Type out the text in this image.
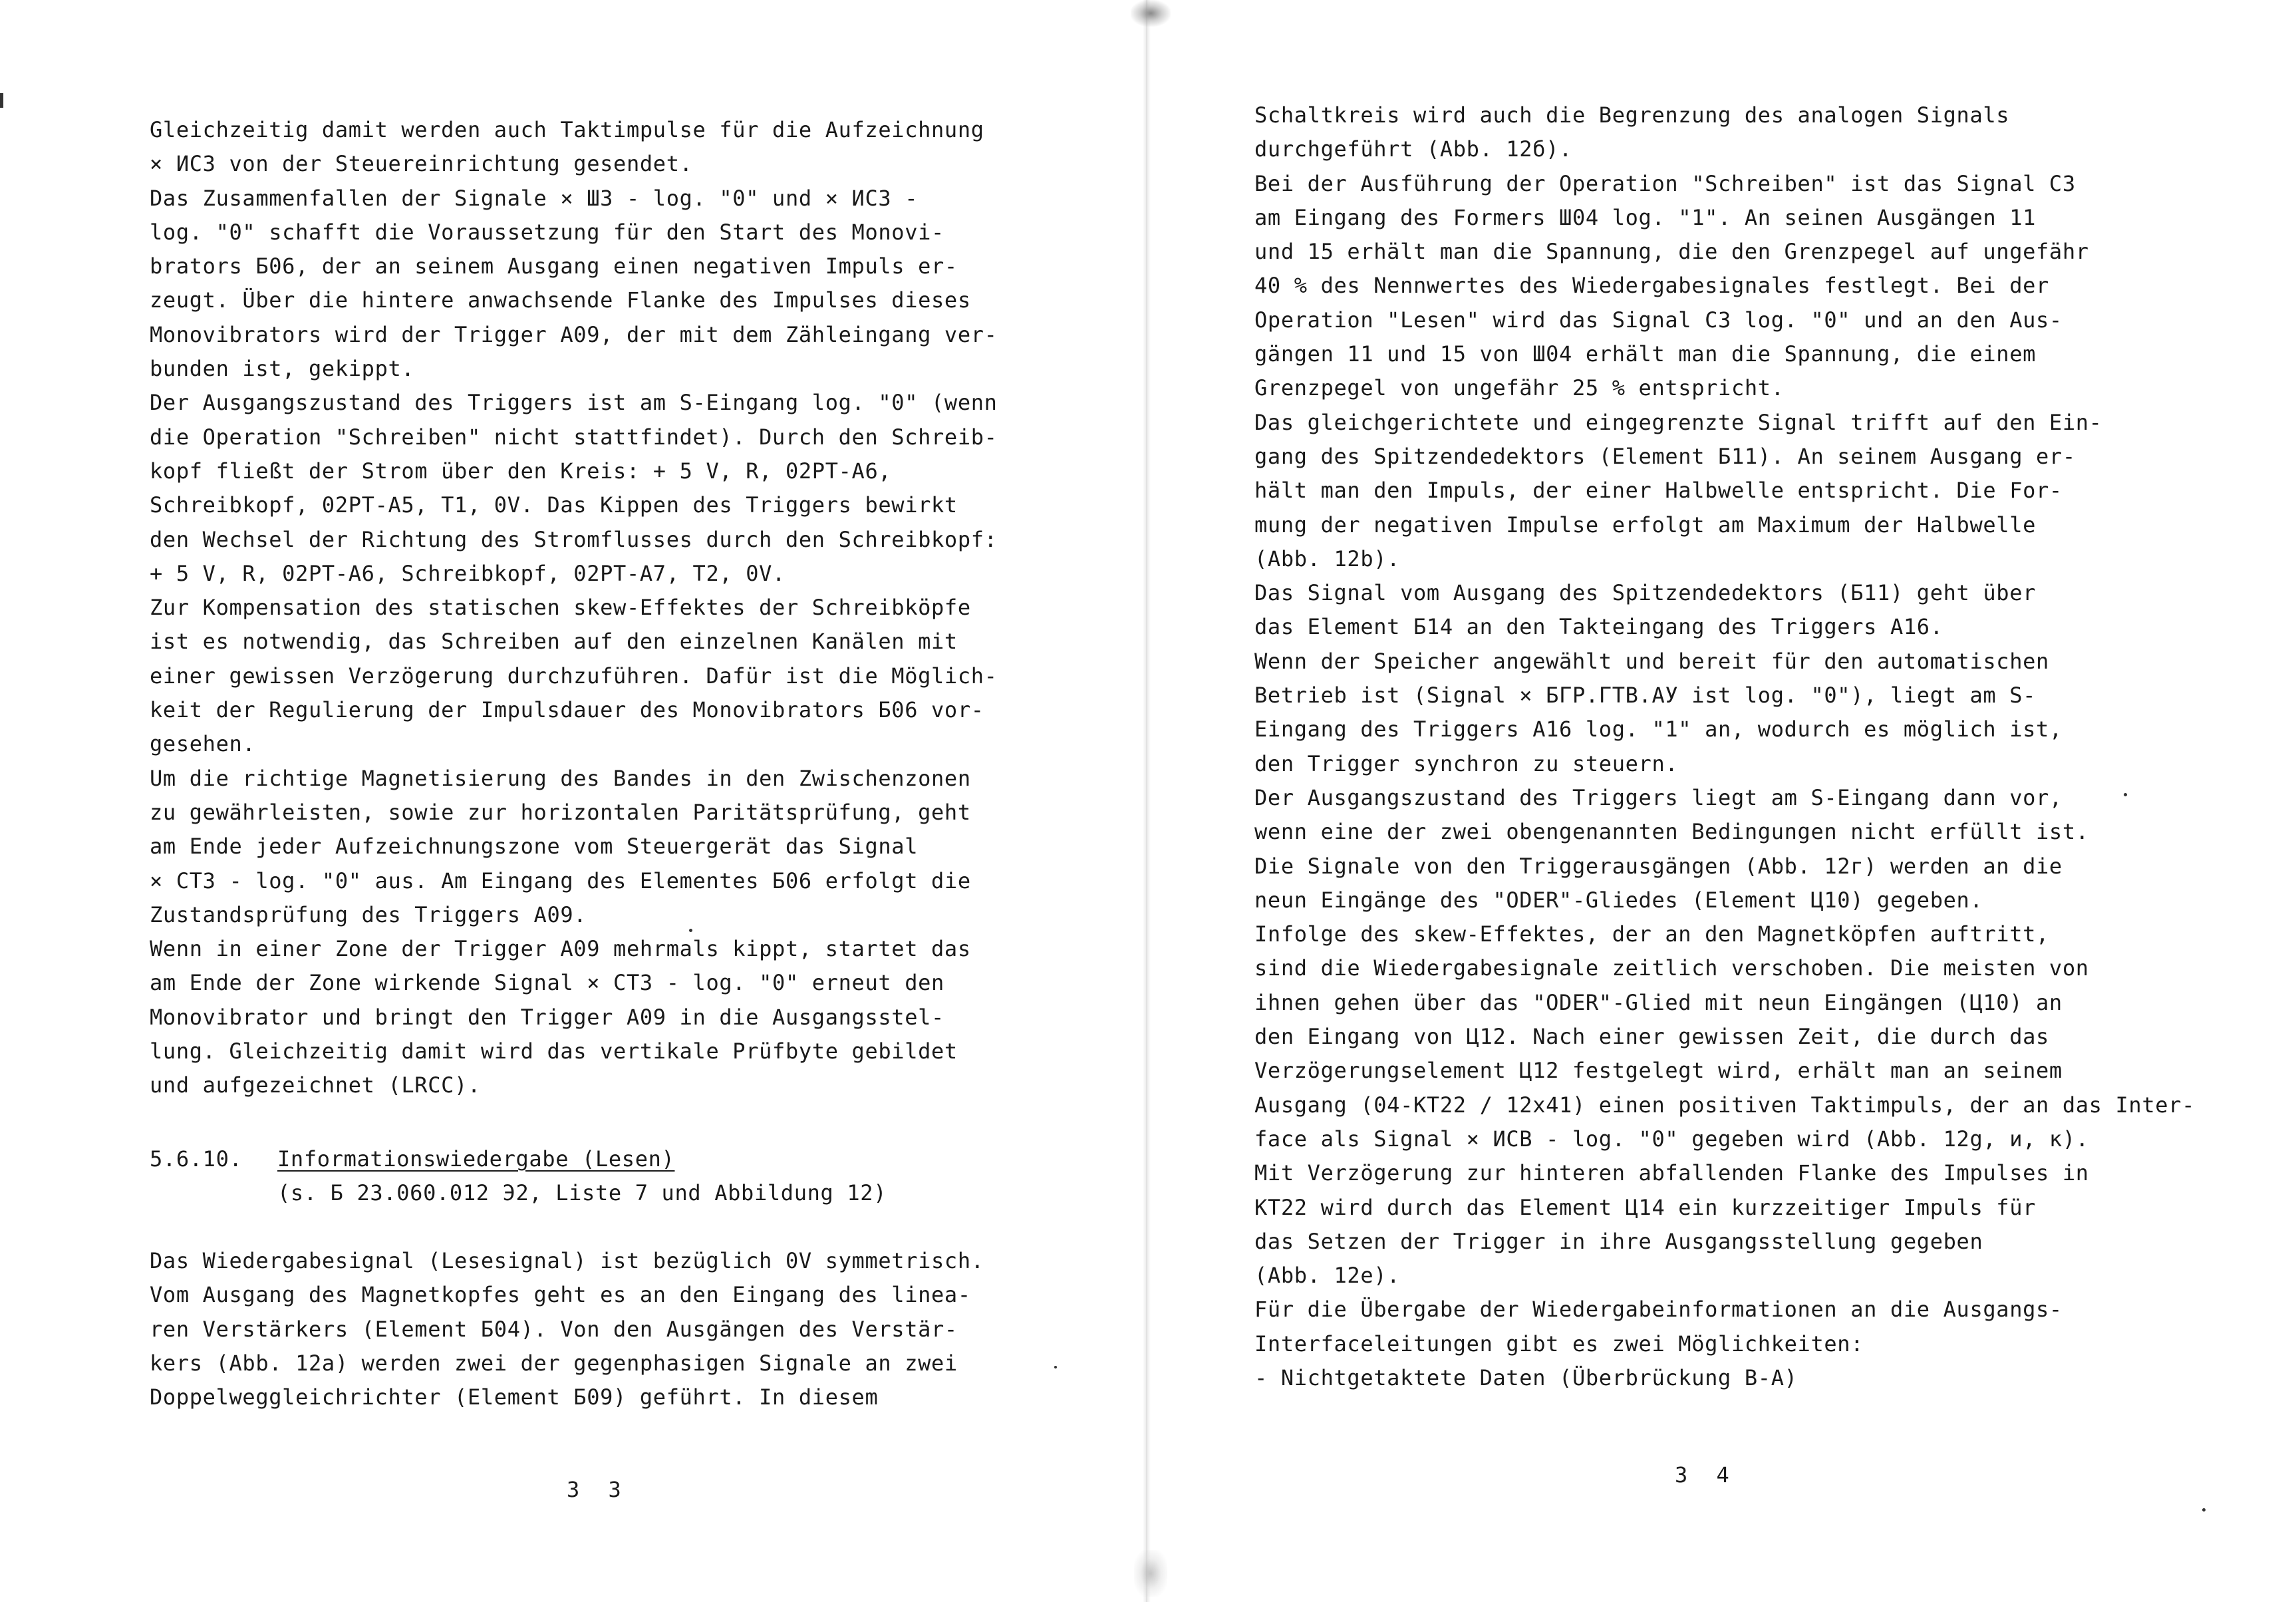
Gleichzeitig damit werden auch Taktimpulse für die Aufzeichnung
× ИС3 von der Steuereinrichtung gesendet.
Das Zusammenfallen der Signale × Ш3 - log. "0" und × ИС3 -
log. "0" schafft die Voraussetzung für den Start des Monovi-
brators Б06, der an seinem Ausgang einen negativen Impuls er-
zeugt. Über die hintere anwachsende Flanke des Impulses dieses
Monovibrators wird der Trigger A09, der mit dem Zähleingang ver-
bunden ist, gekippt.
Der Ausgangszustand des Triggers ist am S-Eingang log. "0" (wenn
die Operation "Schreiben" nicht stattfindet). Durch den Schreib-
kopf fließt der Strom über den Kreis: + 5 V, R, 02PT-A6,
Schreibkopf, 02PT-A5, T1, 0V. Das Kippen des Triggers bewirkt
den Wechsel der Richtung des Stromflusses durch den Schreibkopf:
+ 5 V, R, 02PT-A6, Schreibkopf, 02PT-A7, T2, 0V.
Zur Kompensation des statischen skew-Effektes der Schreibköpfe
ist es notwendig, das Schreiben auf den einzelnen Kanälen mit
einer gewissen Verzögerung durchzuführen. Dafür ist die Möglich-
keit der Regulierung der Impulsdauer des Monovibrators Б06 vor-
gesehen.
Um die richtige Magnetisierung des Bandes in den Zwischenzonen
zu gewährleisten, sowie zur horizontalen Paritätsprüfung, geht
am Ende jeder Aufzeichnungszone vom Steuergerät das Signal
× CT3 - log. "0" aus. Am Eingang des Elementes Б06 erfolgt die
Zustandsprüfung des Triggers A09.
Wenn in einer Zone der Trigger A09 mehrmals kippt, startet das
am Ende der Zone wirkende Signal × CT3 - log. "0" erneut den
Monovibrator und bringt den Trigger A09 in die Ausgangsstel-
lung. Gleichzeitig damit wird das vertikale Prüfbyte gebildet
und aufgezeichnet (LRCC).

5.6.10. Informationswiedergabe (Lesen)
(s. Б 23.060.012 Э2, Liste 7 und Abbildung 12)

Das Wiedergabesignal (Lesesignal) ist bezüglich 0V symmetrisch.
Vom Ausgang des Magnetkopfes geht es an den Eingang des linea-
ren Verstärkers (Element Б04). Von den Ausgängen des Verstär-
kers (Abb. 12a) werden zwei der gegenphasigen Signale an zwei
Doppelweggleichrichter (Element Б09) geführt. In diesem

3 3

Schaltkreis wird auch die Begrenzung des analogen Signals
durchgeführt (Abb. 12б).
Bei der Ausführung der Operation "Schreiben" ist das Signal C3
am Eingang des Formers Ш04 log. "1". An seinen Ausgängen 11
und 15 erhält man die Spannung, die den Grenzpegel auf ungefähr
40 % des Nennwertes des Wiedergabesignales festlegt. Bei der
Operation "Lesen" wird das Signal C3 log. "0" und an den Aus-
gängen 11 und 15 von Ш04 erhält man die Spannung, die einem
Grenzpegel von ungefähr 25 % entspricht.
Das gleichgerichtete und eingegrenzte Signal trifft auf den Ein-
gang des Spitzendedektors (Element Б11). An seinem Ausgang er-
hält man den Impuls, der einer Halbwelle entspricht. Die For-
mung der negativen Impulse erfolgt am Maximum der Halbwelle
(Abb. 12b).
Das Signal vom Ausgang des Spitzendedektors (Б11) geht über
das Element Б14 an den Takteingang des Triggers A16.
Wenn der Speicher angewählt und bereit für den automatischen
Betrieb ist (Signal × БГР.ГТВ.АУ ist log. "0"), liegt am S-
Eingang des Triggers A16 log. "1" an, wodurch es möglich ist,
den Trigger synchron zu steuern.
Der Ausgangszustand des Triggers liegt am S-Eingang dann vor,
wenn eine der zwei obengenannten Bedingungen nicht erfüllt ist.
Die Signale von den Triggerausgängen (Abb. 12г) werden an die
neun Eingänge des "ODER"-Gliedes (Element Ц10) gegeben.
Infolge des skew-Effektes, der an den Magnetköpfen auftritt,
sind die Wiedergabesignale zeitlich verschoben. Die meisten von
ihnen gehen über das "ODER"-Glied mit neun Eingängen (Ц10) an
den Eingang von Ц12. Nach einer gewissen Zeit, die durch das
Verzögerungselement Ц12 festgelegt wird, erhält man an seinem
Ausgang (04-KT22 / 12x41) einen positiven Taktimpuls, der an das Inter-
face als Signal × ИСВ - log. "0" gegeben wird (Abb. 12g, и, к).
Mit Verzögerung zur hinteren abfallenden Flanke des Impulses in
KT22 wird durch das Element Ц14 ein kurzzeitiger Impuls für
das Setzen der Trigger in ihre Ausgangsstellung gegeben
(Abb. 12e).
Für die Übergabe der Wiedergabeinformationen an die Ausgangs-
Interfaceleitungen gibt es zwei Möglichkeiten:
- Nichtgetaktete Daten (Überbrückung B-A)

3 4
